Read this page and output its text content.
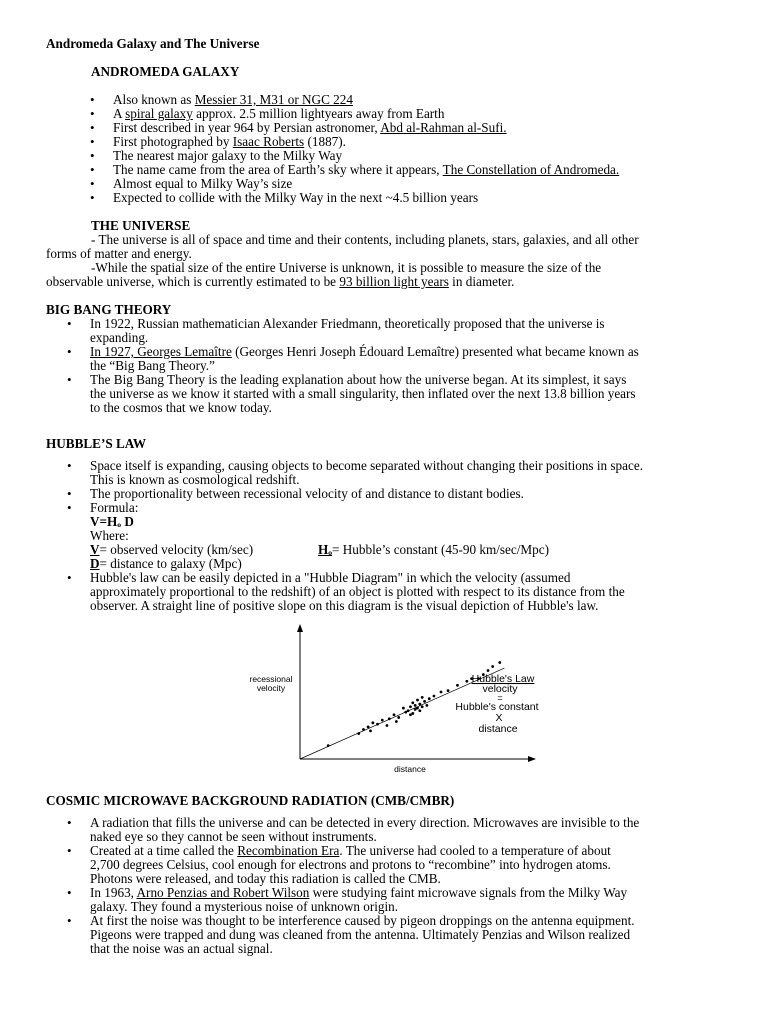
Andromeda Galaxy and The Universe
ANDROMEDA GALAXY
• Also known as Messier 31, M31 or NGC 224
• A spiral galaxy approx. 2.5 million lightyears away from Earth
• First described in year 964 by Persian astronomer, Abd al-Rahman al-Sufi.
• First photographed by Isaac Roberts (1887).
• The nearest major galaxy to the Milky Way
• The name came from the area of Earth’s sky where it appears, The Constellation of Andromeda.
• Almost equal to Milky Way’s size
• Expected to collide with the Milky Way in the next ~4.5 billion years
THE UNIVERSE
- The universe is all of space and time and their contents, including planets, stars, galaxies, and all other
forms of matter and energy.
-While the spatial size of the entire Universe is unknown, it is possible to measure the size of the
observable universe, which is currently estimated to be 93 billion light years in diameter.
BIG BANG THEORY
• In 1922, Russian mathematician Alexander Friedmann, theoretically proposed that the universe is
expanding.
• In 1927, Georges Lemaître (Georges Henri Joseph Édouard Lemaître) presented what became known as
the “Big Bang Theory.”
• The Big Bang Theory is the leading explanation about how the universe began. At its simplest, it says
the universe as we know it started with a small singularity, then inflated over the next 13.8 billion years
to the cosmos that we know today.
HUBBLE’S LAW
• Space itself is expanding, causing objects to become separated without changing their positions in space.
This is known as cosmological redshift.
• The proportionality between recessional velocity of and distance to distant bodies.
• Formula:
V=Hₒ D
Where:
V= observed velocity (km/sec)	Hₒ= Hubble’s constant (45-90 km/sec/Mpc)
D= distance to galaxy (Mpc)
• Hubble's law can be easily depicted in a "Hubble Diagram" in which the velocity (assumed
approximately proportional to the redshift) of an object is plotted with respect to its distance from the
observer. A straight line of positive slope on this diagram is the visual depiction of Hubble's law.
recessional
velocity
distance
Hubble's Law
velocity
=
Hubble's constant
X
distance
COSMIC MICROWAVE BACKGROUND RADIATION (CMB/CMBR)
• A radiation that fills the universe and can be detected in every direction. Microwaves are invisible to the
naked eye so they cannot be seen without instruments.
• Created at a time called the Recombination Era. The universe had cooled to a temperature of about
2,700 degrees Celsius, cool enough for electrons and protons to “recombine” into hydrogen atoms.
Photons were released, and today this radiation is called the CMB.
• In 1963, Arno Penzias and Robert Wilson were studying faint microwave signals from the Milky Way
galaxy. They found a mysterious noise of unknown origin.
• At first the noise was thought to be interference caused by pigeon droppings on the antenna equipment.
Pigeons were trapped and dung was cleaned from the antenna. Ultimately Penzias and Wilson realized
that the noise was an actual signal.
